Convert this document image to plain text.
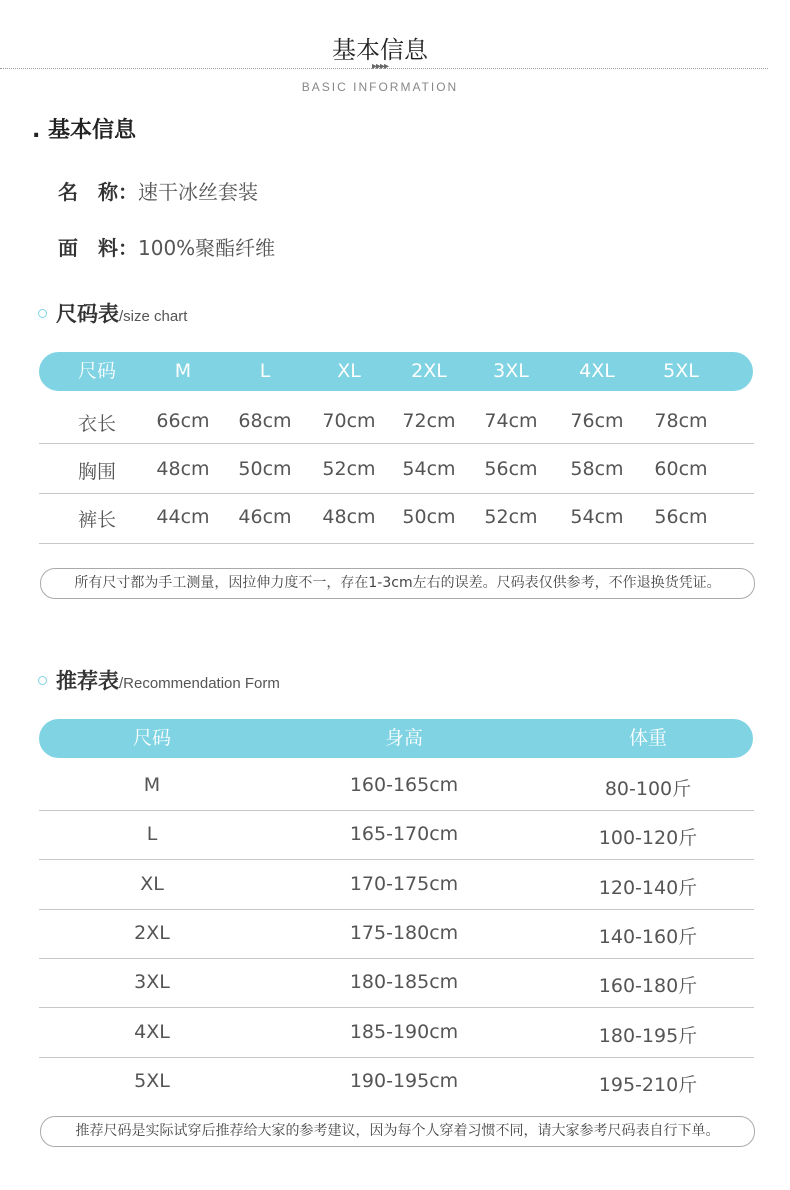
基本信息
▸▸▸▸
BASIC INFORMATION
. 基本信息
名　称：速干冰丝套装
面　料：100%聚酯纤维
尺码表/size chart
尺码	M	L	XL	2XL	3XL	4XL	5XL
衣长	66cm	68cm	70cm	72cm	74cm	76cm	78cm
胸围	48cm	50cm	52cm	54cm	56cm	58cm	60cm
裤长	44cm	46cm	48cm	50cm	52cm	54cm	56cm
所有尺寸都为手工测量，因拉伸力度不一，存在1-3cm左右的误差。尺码表仅供参考，不作退换货凭证。
推荐表/Recommendation Form
尺码	身高	体重
M	160-165cm	80-100斤
L	165-170cm	100-120斤
XL	170-175cm	120-140斤
2XL	175-180cm	140-160斤
3XL	180-185cm	160-180斤
4XL	185-190cm	180-195斤
5XL	190-195cm	195-210斤
推荐尺码是实际试穿后推荐给大家的参考建议，因为每个人穿着习惯不同，请大家参考尺码表自行下单。
